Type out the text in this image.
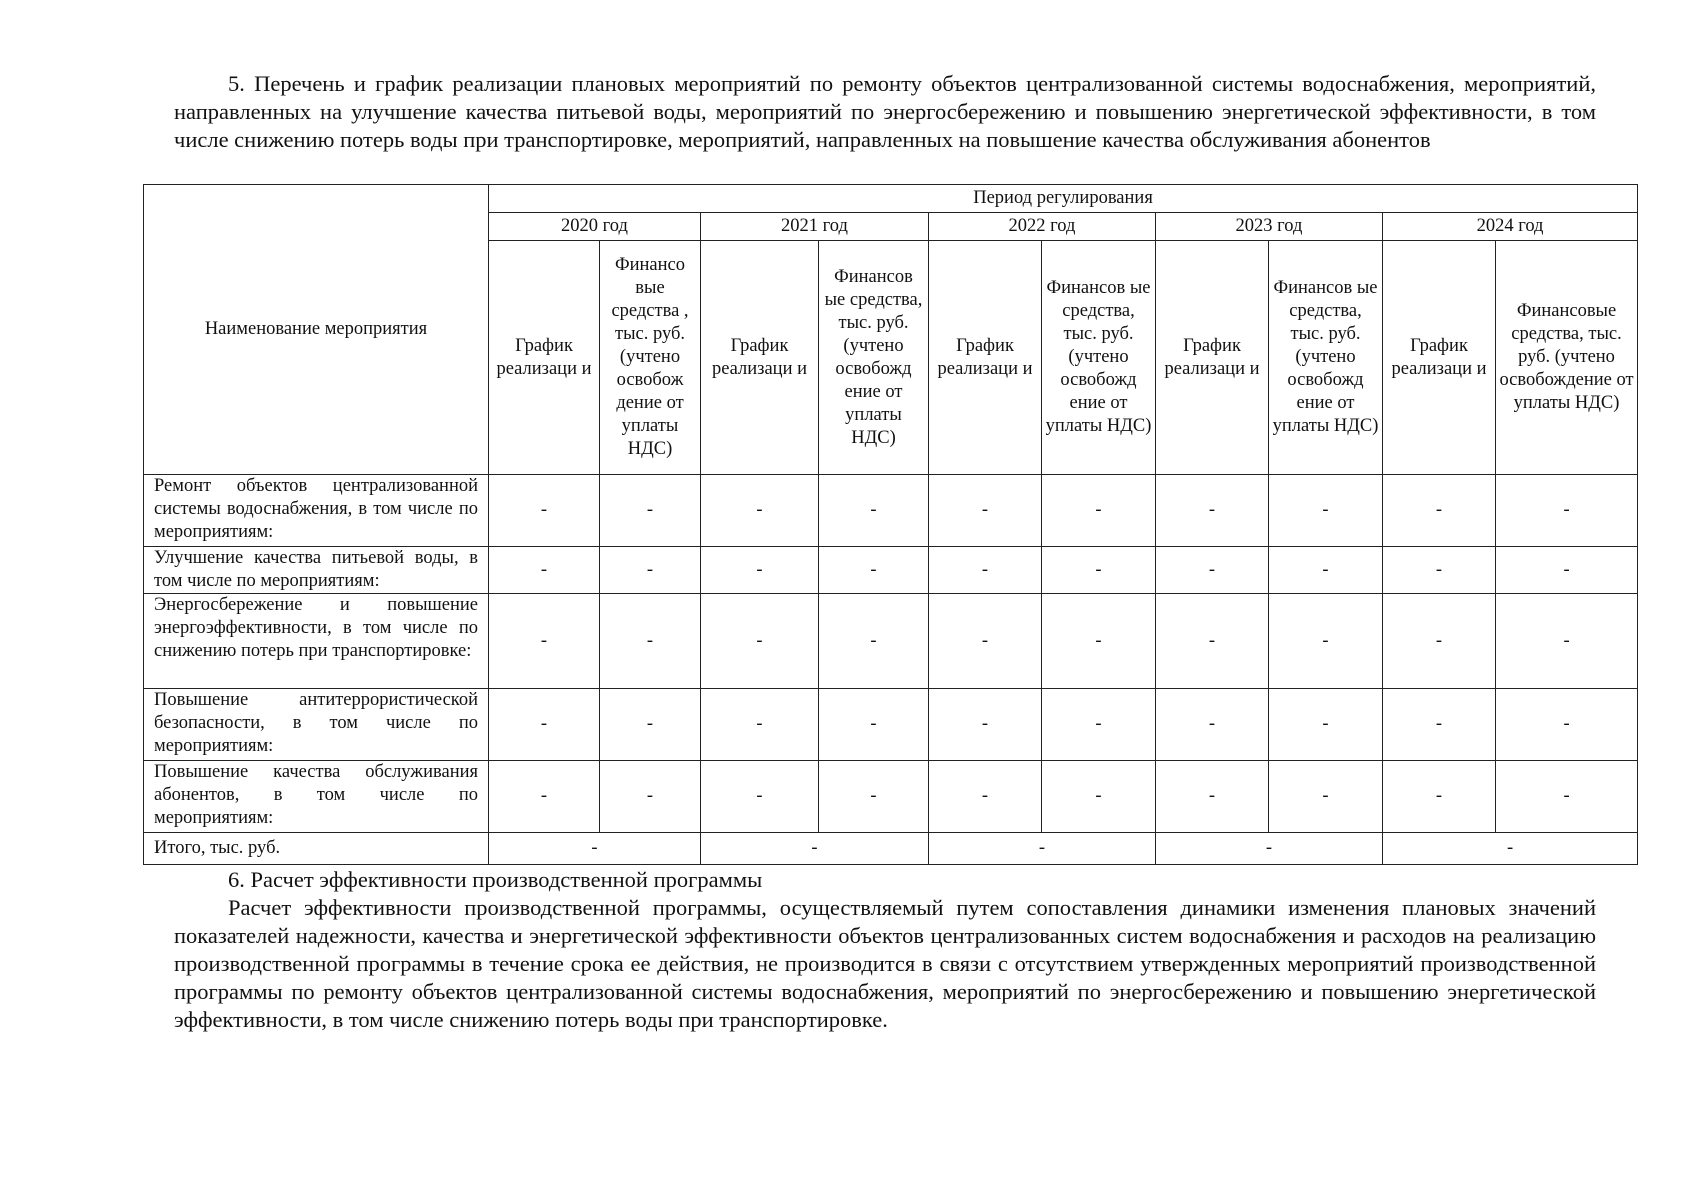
5. Перечень и график реализации плановых мероприятий по ремонту объектов централизованной системы водоснабжения, мероприятий, направленных на улучшение качества питьевой воды, мероприятий по энергосбережению и повышению энергетической эффективности, в том числе снижению потерь воды при транспортировке, мероприятий, направленных на повышение качества обслуживания абонентов

Наименование мероприятия	Период регулирования									
	2020 год		2021 год		2022 год		2023 год		2024 год	
	График реализаци и	Финансо вые средства , тыс. руб. (учтено освобож дение от уплаты НДС)	График реализаци и	Финансов ые средства, тыс. руб. (учтено освобожд ение от уплаты НДС)	График реализаци и	Финансов ые средства, тыс. руб. (учтено освобожд ение от уплаты НДС)	График реализаци и	Финансов ые средства, тыс. руб. (учтено освобожд ение от уплаты НДС)	График реализаци и	Финансовые средства, тыс. руб. (учтено освобождение от уплаты НДС)
Ремонт объектов централизованной системы водоснабжения, в том числе по мероприятиям:	-	-	-	-	-	-	-	-	-	-
Улучшение качества питьевой воды, в том числе по мероприятиям:	-	-	-	-	-	-	-	-	-	-
Энергосбережение и повышение энергоэффективности, в том числе по снижению потерь при транспортировке:	-	-	-	-	-	-	-	-	-	-
Повышение антитеррористической безопасности, в том числе по мероприятиям:	-	-	-	-	-	-	-	-	-	-
Повышение качества обслуживания абонентов, в том числе по мероприятиям:	-	-	-	-	-	-	-	-	-	-
Итого, тыс. руб.	-		-		-		-		-	

6. Расчет эффективности производственной программы

Расчет эффективности производственной программы, осуществляемый путем сопоставления динамики изменения плановых значений показателей надежности, качества и энергетической эффективности объектов централизованных систем водоснабжения и расходов на реализацию производственной программы в течение срока ее действия, не производится в связи с отсутствием утвержденных мероприятий производственной программы по ремонту объектов централизованной системы водоснабжения, мероприятий по энергосбережению и повышению энергетической эффективности, в том числе снижению потерь воды при транспортировке.
